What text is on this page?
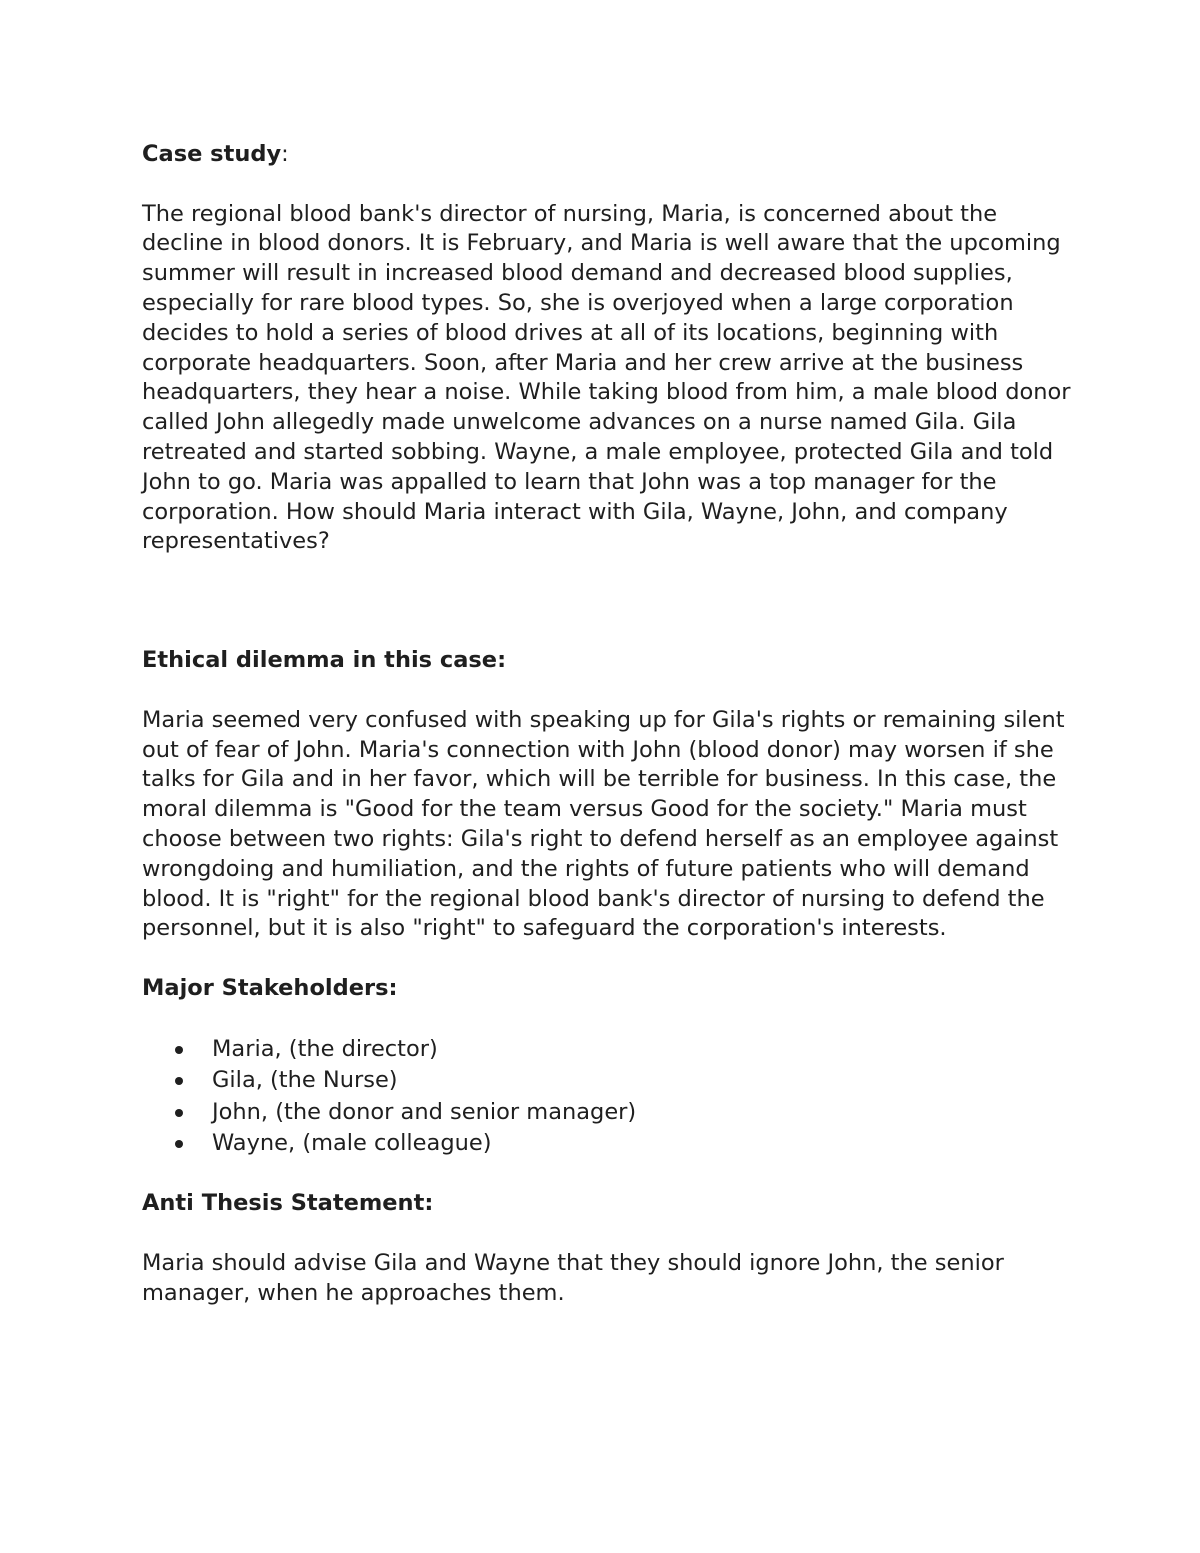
Case study:

The regional blood bank's director of nursing, Maria, is concerned about the decline in blood donors. It is February, and Maria is well aware that the upcoming summer will result in increased blood demand and decreased blood supplies, especially for rare blood types. So, she is overjoyed when a large corporation decides to hold a series of blood drives at all of its locations, beginning with corporate headquarters. Soon, after Maria and her crew arrive at the business headquarters, they hear a noise. While taking blood from him, a male blood donor called John allegedly made unwelcome advances on a nurse named Gila. Gila retreated and started sobbing. Wayne, a male employee, protected Gila and told John to go. Maria was appalled to learn that John was a top manager for the corporation. How should Maria interact with Gila, Wayne, John, and company representatives?

Ethical dilemma in this case:

Maria seemed very confused with speaking up for Gila's rights or remaining silent out of fear of John. Maria's connection with John (blood donor) may worsen if she talks for Gila and in her favor, which will be terrible for business. In this case, the moral dilemma is "Good for the team versus Good for the society." Maria must choose between two rights: Gila's right to defend herself as an employee against wrongdoing and humiliation, and the rights of future patients who will demand blood. It is "right" for the regional blood bank's director of nursing to defend the personnel, but it is also "right" to safeguard the corporation's interests.

Major Stakeholders:

Maria, (the director)
Gila, (the Nurse)
John, (the donor and senior manager)
Wayne, (male colleague)

Anti Thesis Statement:

Maria should advise Gila and Wayne that they should ignore John, the senior manager, when he approaches them.
